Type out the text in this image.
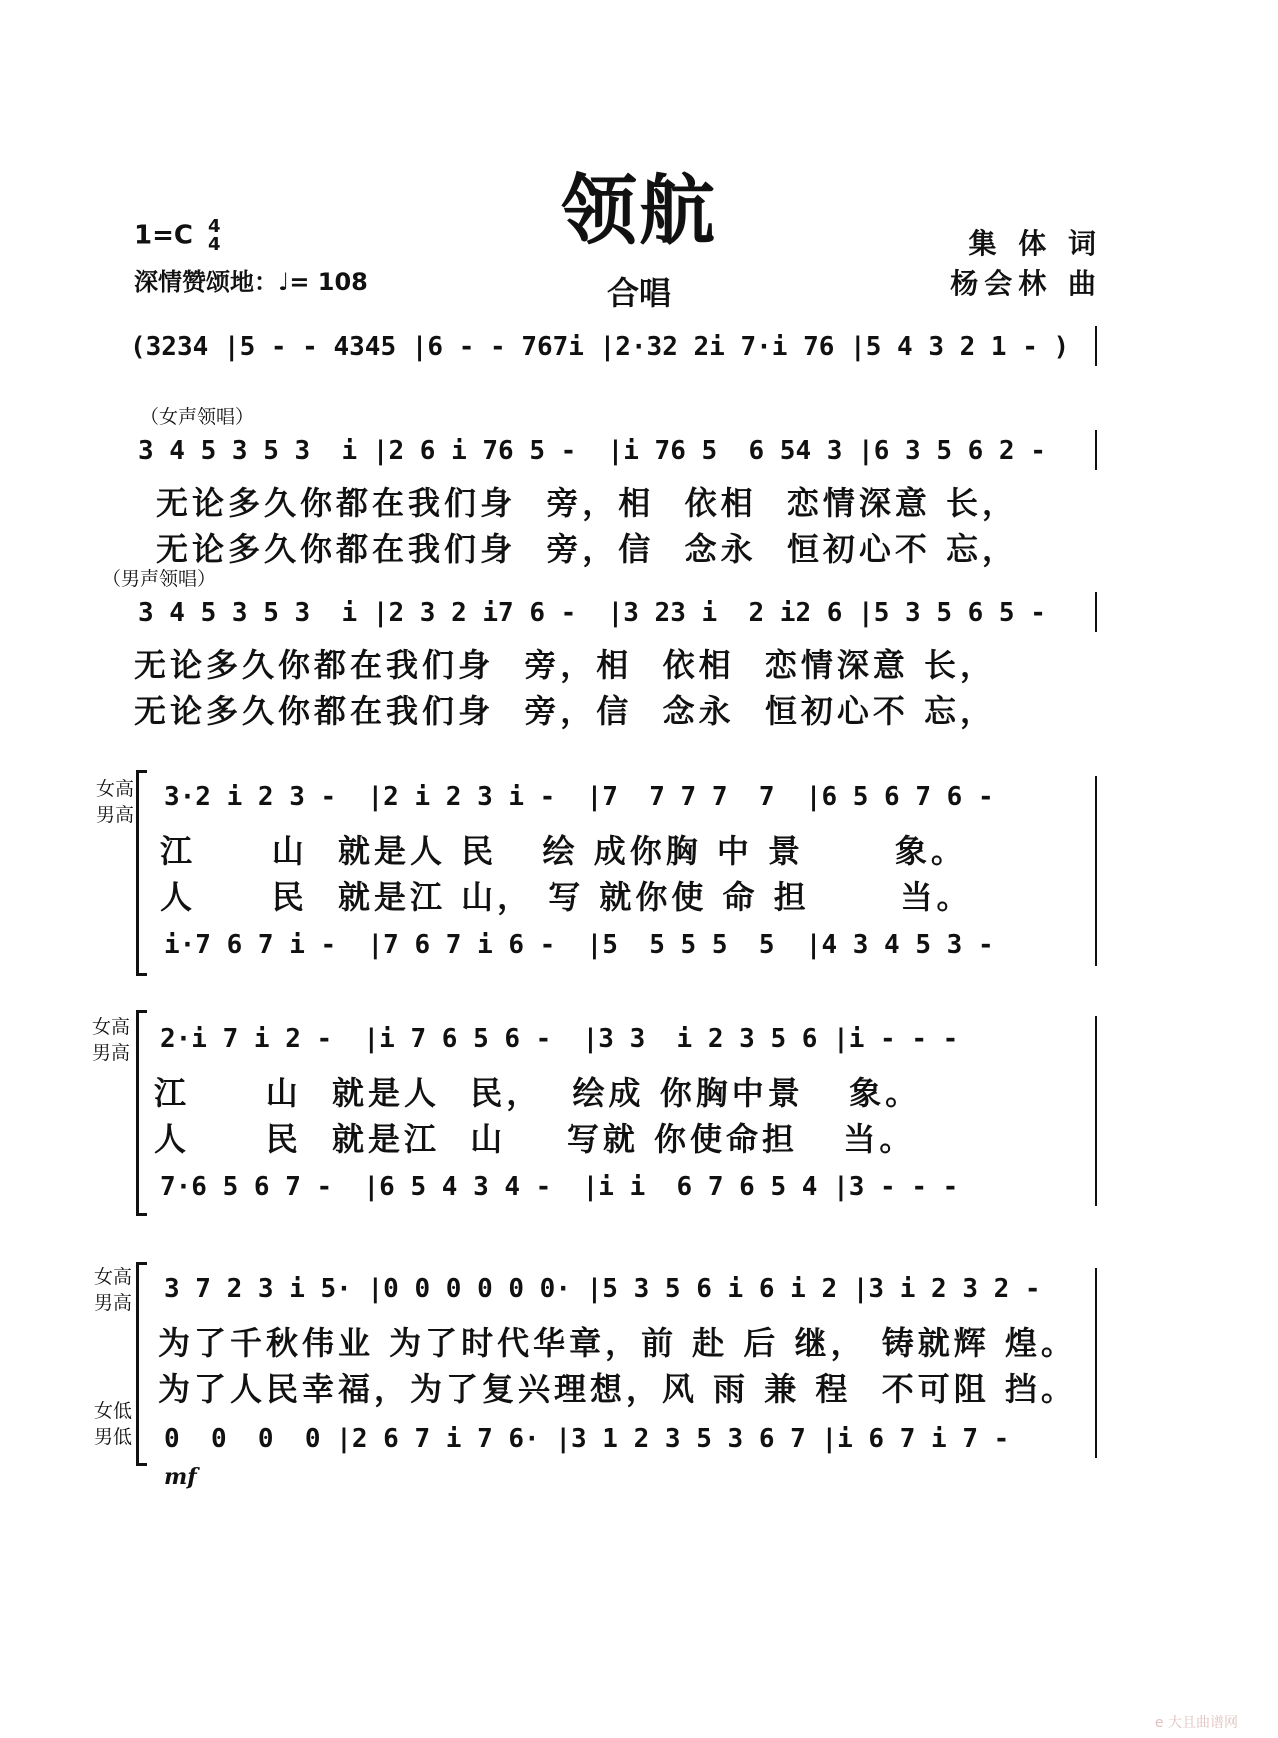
领航
合唱
1=C 4
4
深情赞颂地：♩= 108
集 体 词
杨会林 曲
(3234 |5 - - 4345 |6 - - 767i |2·32 2i 7·i 76 |5 4 3 2 1 - )
（女声领唱）
3 4 5 3 5 3  i |2 6 i 76 5 -  |i 76 5  6 54 3 |6 3 5 6 2 -
无论多久你都在我们身  旁，相  依相  恋情深意 长，
无论多久你都在我们身  旁，信  念永  恒初心不 忘，
（男声领唱）
3 4 5 3 5 3  i |2 3 2 i7 6 -  |3 23 i  2 i2 6 |5 3 5 6 5 -
无论多久你都在我们身  旁，相  依相  恋情深意 长，
无论多久你都在我们身  旁，信  念永  恒初心不 忘，
女高
男高
3·2 i 2 3 -  |2 i 2 3 i -  |7  7 7 7  7  |6 5 6 7 6 -
江     山  就是人 民   绘 成你胸 中 景      象。
人     民  就是江 山， 写 就你使 命 担      当。
i·7 6 7 i -  |7 6 7 i 6 -  |5  5 5 5  5  |4 3 4 5 3 -
女高
男高 2·i 7 i 2 -  |i 7 6 5 6 -  |3 3  i 2 3 5 6 |i - - -
江     山  就是人  民，  绘成 你胸中景   象。
人     民  就是江  山    写就 你使命担   当。
7·6 5 6 7 -  |6 5 4 3 4 -  |i i  6 7 6 5 4 |3 - - -
女高
男高
女低
男低
3 7 2 3 i 5· |0 0 0 0 0 0· |5 3 5 6 i 6 i 2 |3 i 2 3 2 -
为了千秋伟业 为了时代华章，前 赴 后 继， 铸就辉 煌。
为了人民幸福，为了复兴理想，风 雨 兼 程  不可阻 挡。
0  0  0  0 |2 6 7 i 7 6· |3 1 2 3 5 3 6 7 |i 6 7 i 7 -
mf
e 大且曲谱网
